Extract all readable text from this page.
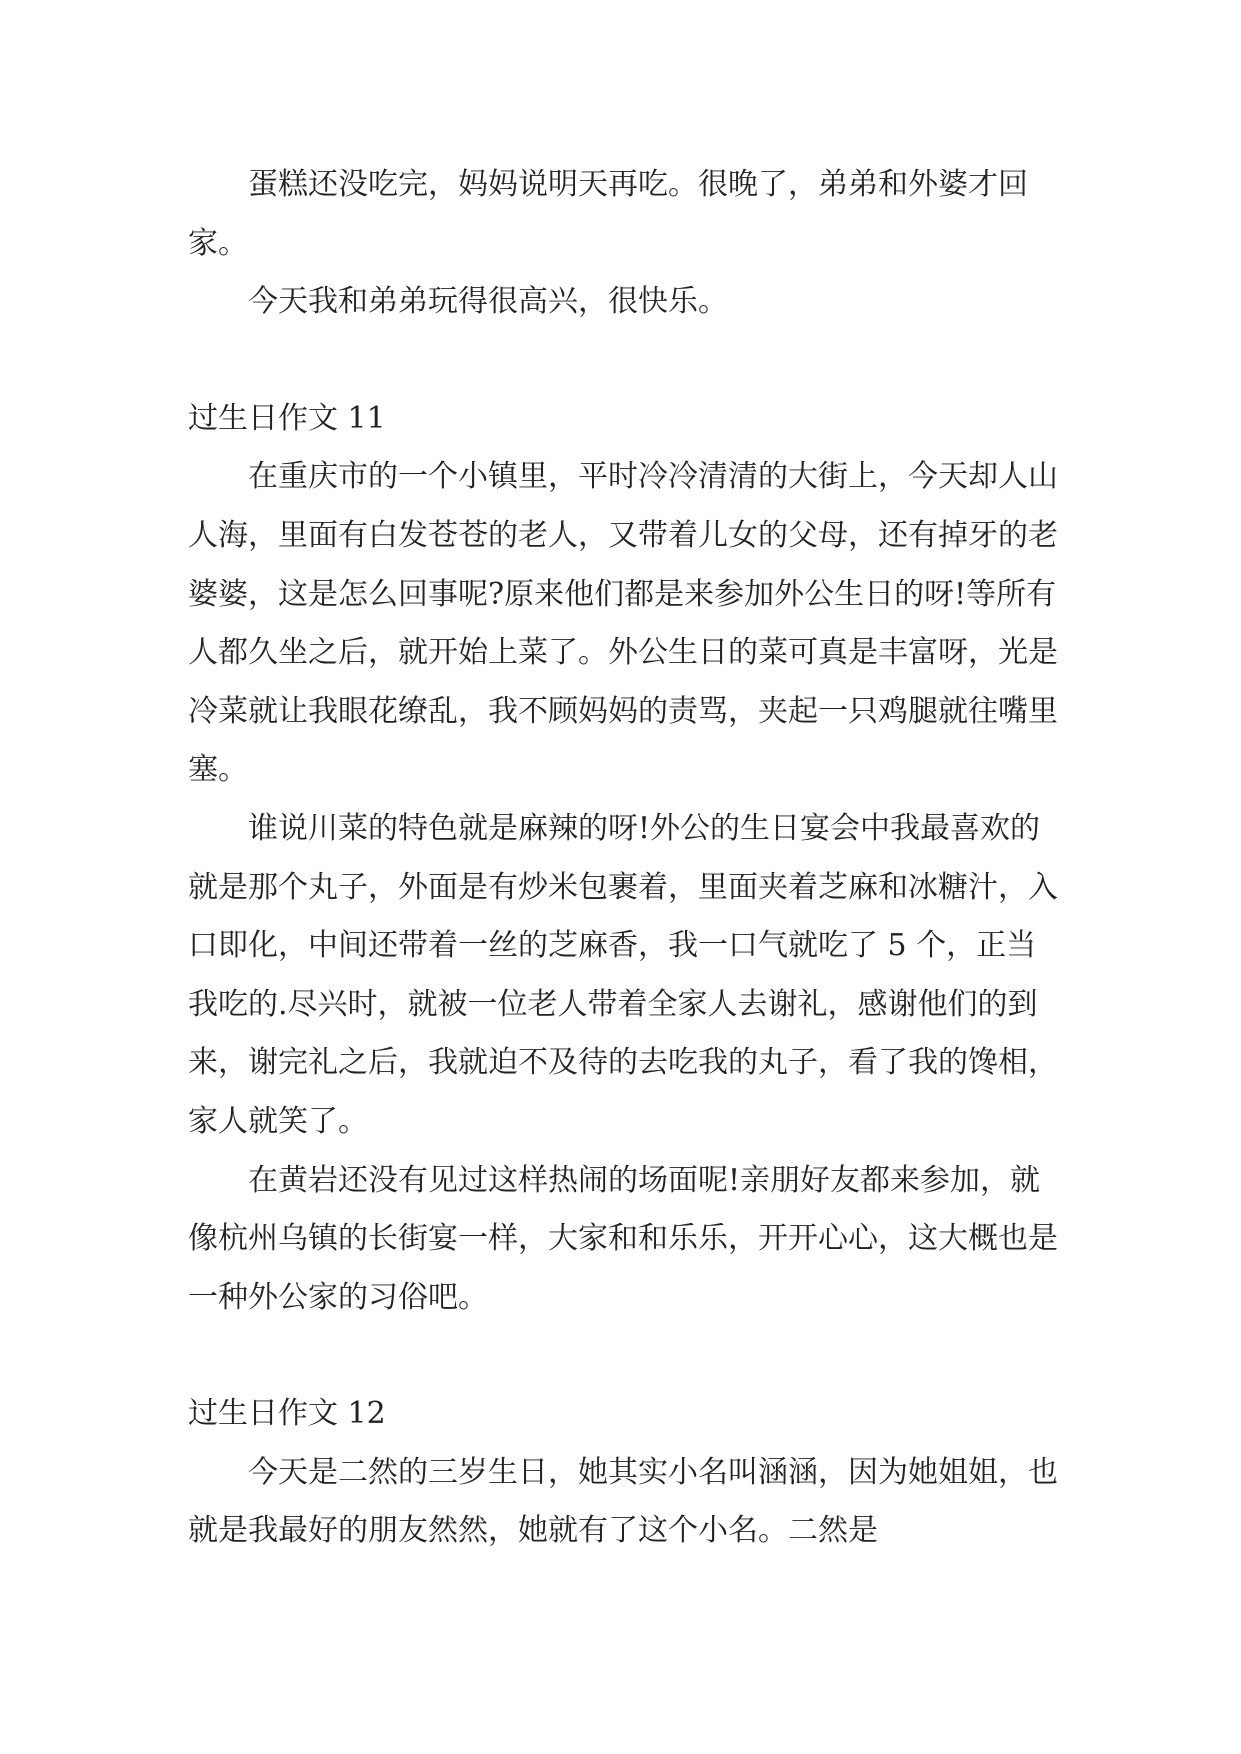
蛋糕还没吃完，妈妈说明天再吃。很晚了，弟弟和外婆才回家。

今天我和弟弟玩得很高兴，很快乐。

过生日作文 11

在重庆市的一个小镇里，平时冷冷清清的大街上，今天却人山人海，里面有白发苍苍的老人，又带着儿女的父母，还有掉牙的老婆婆，这是怎么回事呢?原来他们都是来参加外公生日的呀!等所有人都久坐之后，就开始上菜了。外公生日的菜可真是丰富呀，光是冷菜就让我眼花缭乱，我不顾妈妈的责骂，夹起一只鸡腿就往嘴里塞。

谁说川菜的特色就是麻辣的呀!外公的生日宴会中我最喜欢的就是那个丸子，外面是有炒米包裹着，里面夹着芝麻和冰糖汁，入口即化，中间还带着一丝的芝麻香，我一口气就吃了 5 个，正当我吃的.尽兴时，就被一位老人带着全家人去谢礼，感谢他们的到来，谢完礼之后，我就迫不及待的去吃我的丸子，看了我的馋相，家人就笑了。

在黄岩还没有见过这样热闹的场面呢!亲朋好友都来参加，就像杭州乌镇的长街宴一样，大家和和乐乐，开开心心，这大概也是一种外公家的习俗吧。

过生日作文 12

今天是二然的三岁生日，她其实小名叫涵涵，因为她姐姐，也就是我最好的朋友然然，她就有了这个小名。二然是
